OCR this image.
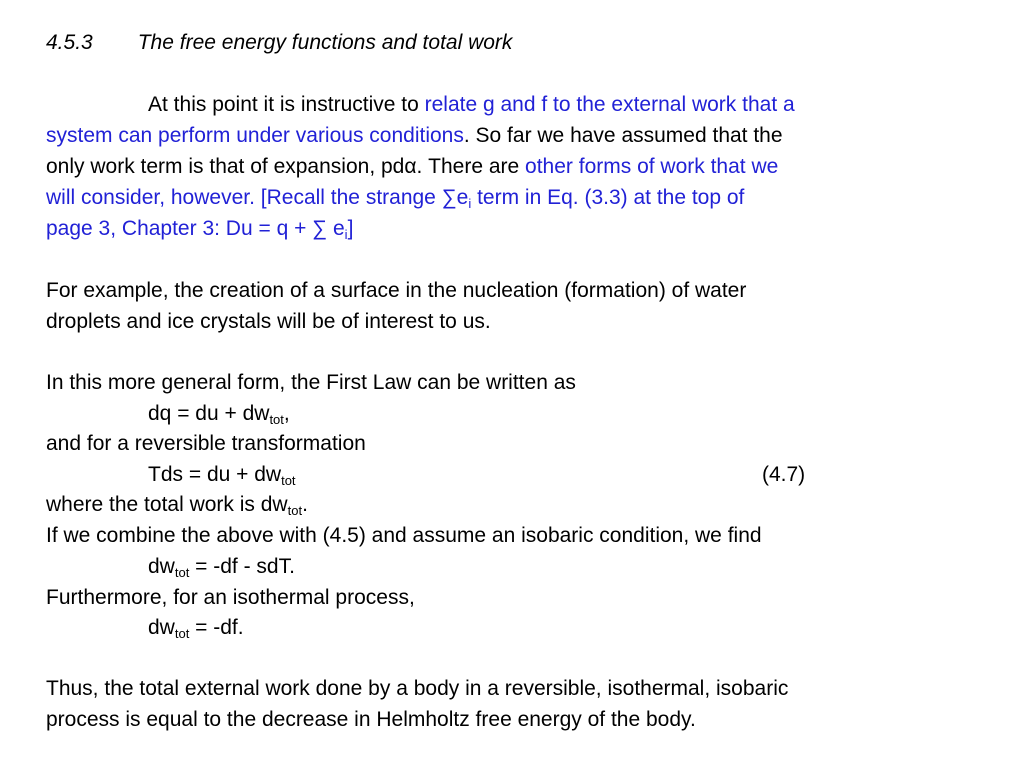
4.5.3 The free energy functions and total work
At this point it is instructive to relate g and f to the external work that a
system can perform under various conditions. So far we have assumed that the
only work term is that of expansion, pdα. There are other forms of work that we
will consider, however. [Recall the strange $\sum e_i$ term in Eq. (3.3) at the top of
page 3, Chapter 3: Du = q + ∑ $e_i$]
For example, the creation of a surface in the nucleation (formation) of water
droplets and ice crystals will be of interest to us.
In this more general form, the First Law can be written as
dq = du + $dw_{tot}$,
and for a reversible transformation
Tds = du + $dw_{tot}$	(4.7)
where the total work is $dw_{tot}$.
If we combine the above with (4.5) and assume an isobaric condition, we find
$dw_{tot} = -df$ - sdT.
Furthermore, for an isothermal process,
$dw_{tot} = -df$.
Thus, the total external work done by a body in a reversible, isothermal, isobaric
process is equal to the decrease in Helmholtz free energy of the body.
